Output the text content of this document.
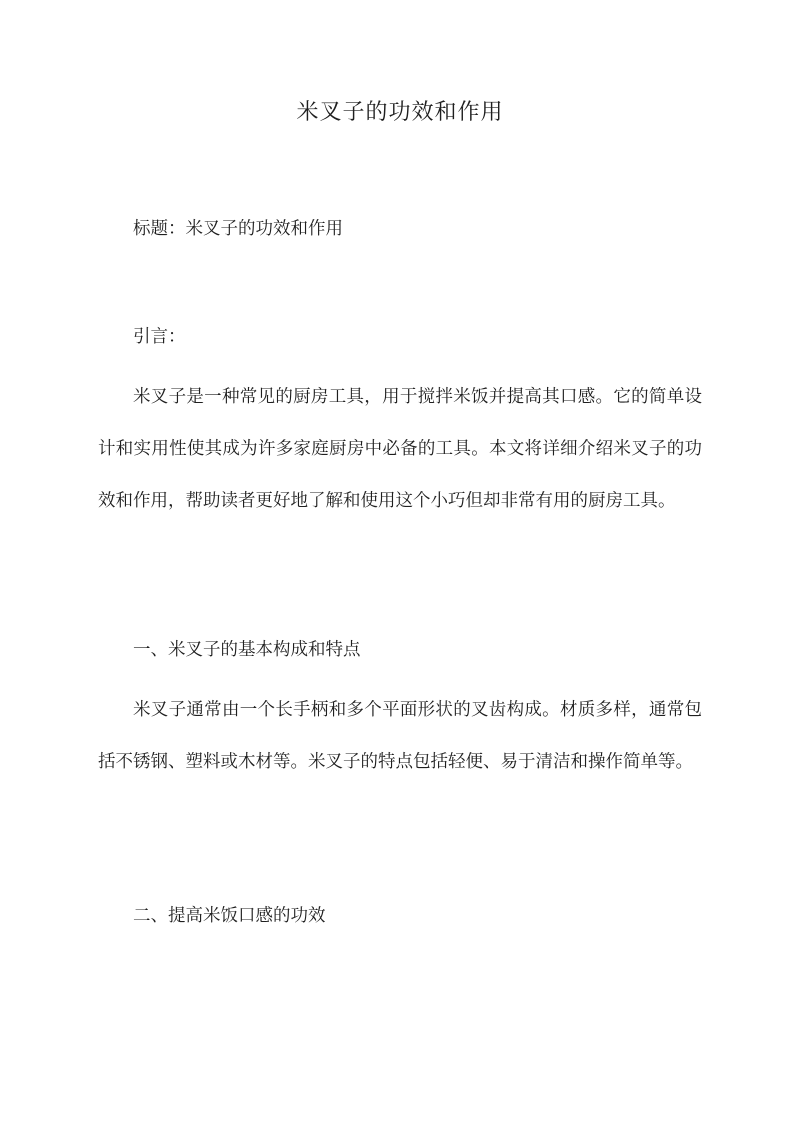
米叉子的功效和作用

标题：米叉子的功效和作用

引言：

米叉子是一种常见的厨房工具，用于搅拌米饭并提高其口感。它的简单设计和实用性使其成为许多家庭厨房中必备的工具。本文将详细介绍米叉子的功效和作用，帮助读者更好地了解和使用这个小巧但却非常有用的厨房工具。

一、米叉子的基本构成和特点

米叉子通常由一个长手柄和多个平面形状的叉齿构成。材质多样，通常包括不锈钢、塑料或木材等。米叉子的特点包括轻便、易于清洁和操作简单等。

二、提高米饭口感的功效
